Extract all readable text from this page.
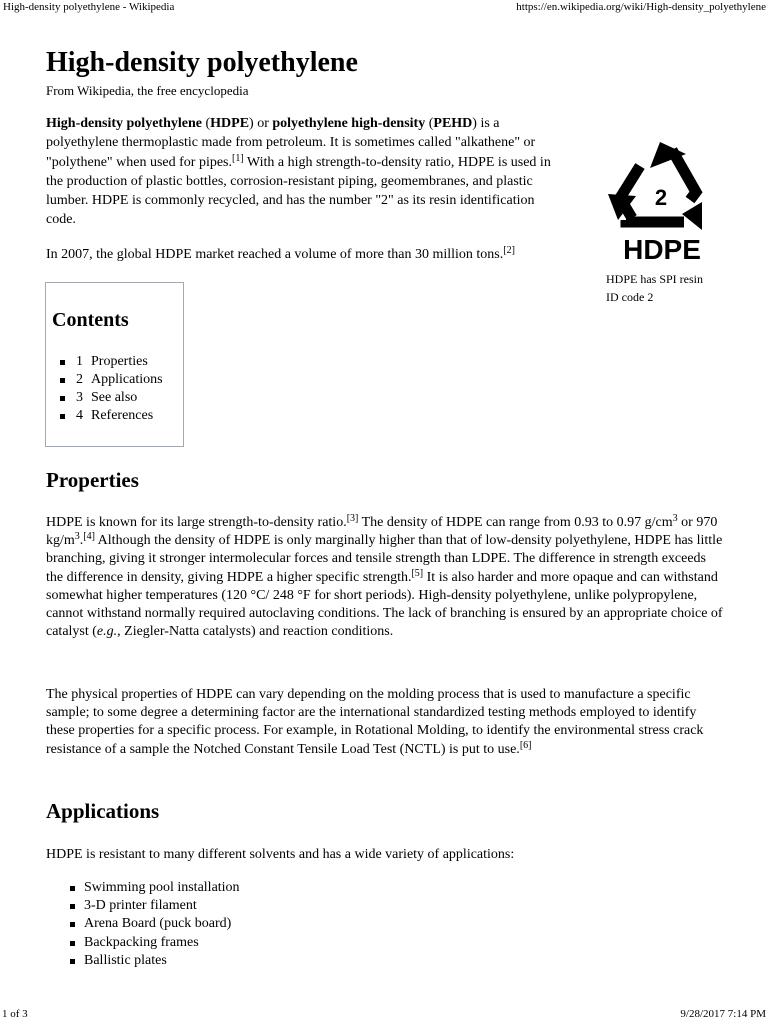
High-density polyethylene - Wikipedia	https://en.wikipedia.org/wiki/High-density_polyethylene
High-density polyethylene
From Wikipedia, the free encyclopedia

High-density polyethylene (HDPE) or polyethylene high-density (PEHD) is a polyethylene thermoplastic made from petroleum. It is sometimes called "alkathene" or "polythene" when used for pipes.[1] With a high strength-to-density ratio, HDPE is used in the production of plastic bottles, corrosion-resistant piping, geomembranes, and plastic lumber. HDPE is commonly recycled, and has the number "2" as its resin identification code.

In 2007, the global HDPE market reached a volume of more than 30 million tons.[2]

2
HDPE
HDPE has SPI resin ID code 2
Contents
1 Properties
2 Applications
3 See also
4 References
Properties

HDPE is known for its large strength-to-density ratio.[3] The density of HDPE can range from 0.93 to 0.97 $g/cm^3$ or 970 $kg/m^3.[4]$ Although the density of HDPE is only marginally higher than that of low-density polyethylene, HDPE has little branching, giving it stronger intermolecular forces and tensile strength than LDPE. The difference in strength exceeds the difference in density, giving HDPE a higher specific strength.[5] It is also harder and more opaque and can withstand somewhat higher temperatures (120 °C/ 248 °F for short periods). High-density polyethylene, unlike polypropylene, cannot withstand normally required autoclaving conditions. The lack of branching is ensured by an appropriate choice of catalyst (e.g., Ziegler-Natta catalysts) and reaction conditions.

The physical properties of HDPE can vary depending on the molding process that is used to manufacture a specific sample; to some degree a determining factor are the international standardized testing methods employed to identify these properties for a specific process. For example, in Rotational Molding, to identify the environmental stress crack resistance of a sample the Notched Constant Tensile Load Test (NCTL) is put to use.[6]

Applications

HDPE is resistant to many different solvents and has a wide variety of applications:

Swimming pool installation
3-D printer filament
Arena Board (puck board)
Backpacking frames
Ballistic plates
1 of 3	9/28/2017 7:14 PM
